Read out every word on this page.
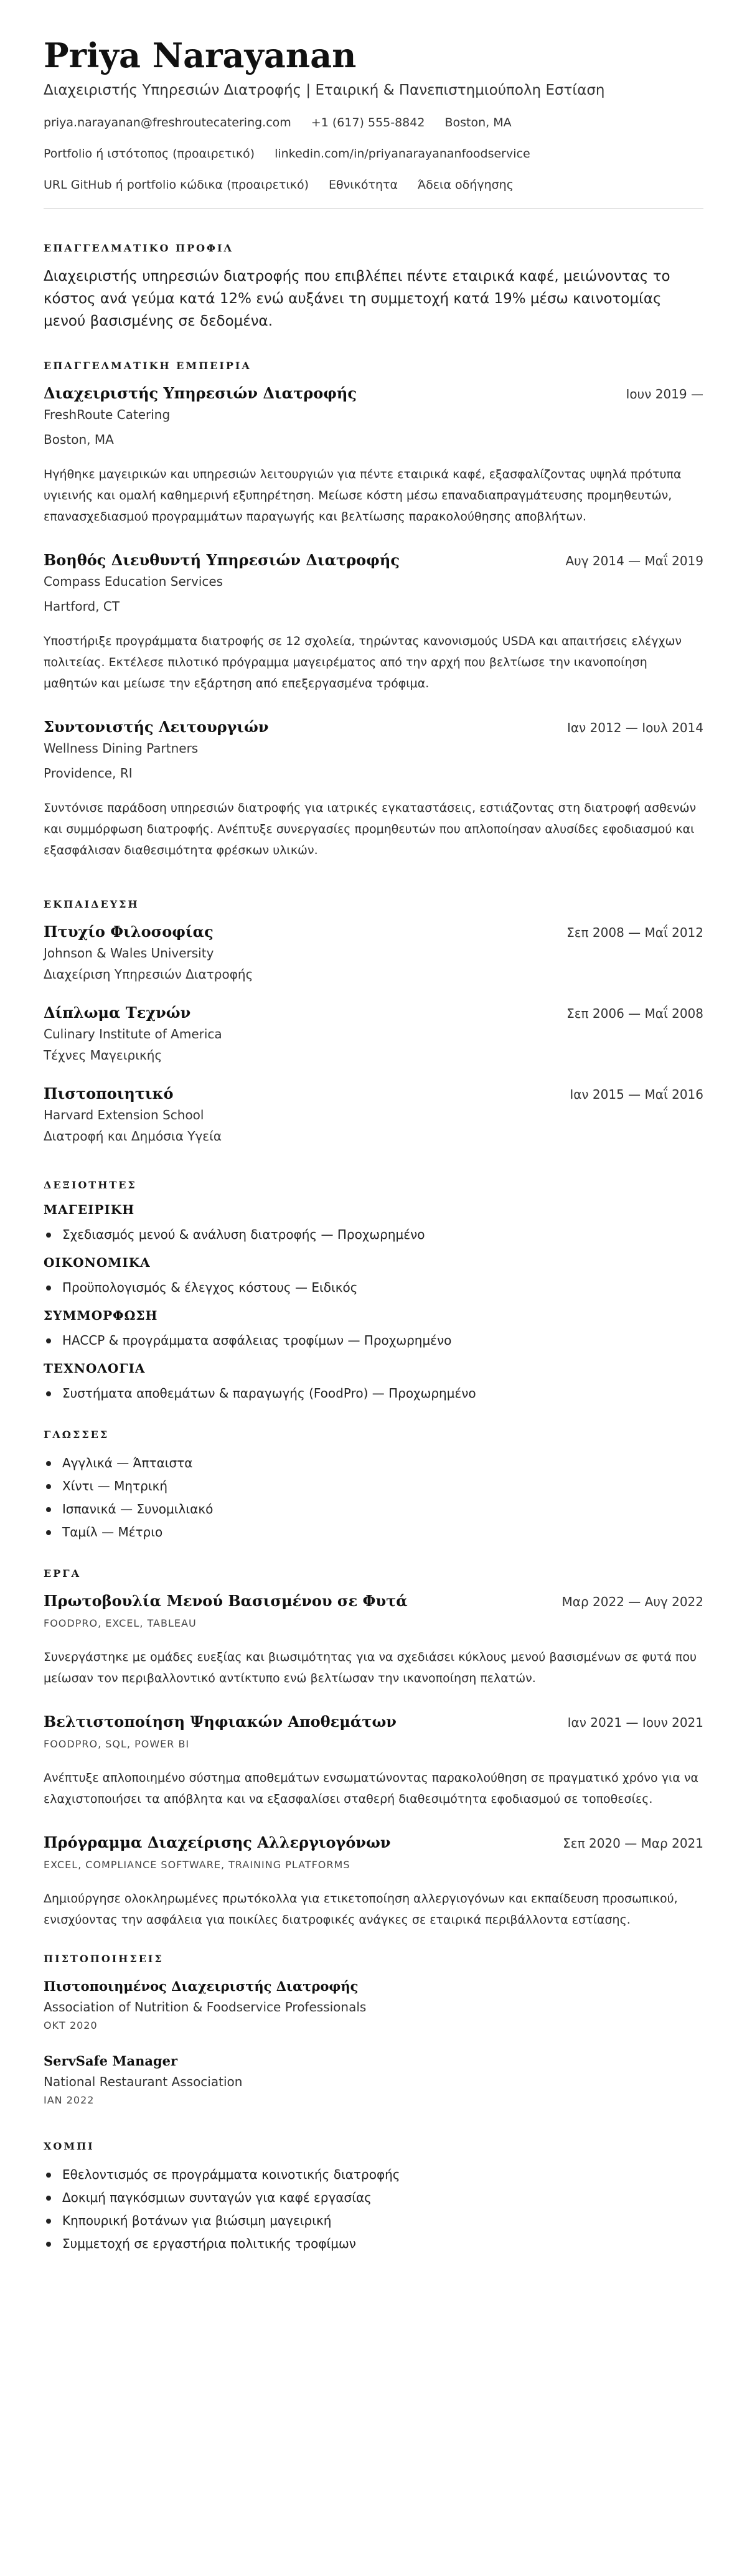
Priya Narayanan
Διαχειριστής Υπηρεσιών Διατροφής | Εταιρική & Πανεπιστημιούπολη Εστίαση
priya.narayanan@freshroutecatering.com +1 (617) 555-8842 Boston, MA
Portfolio ή ιστότοπος (προαιρετικό) linkedin.com/in/priyanarayananfoodservice
URL GitHub ή portfolio κώδικα (προαιρετικό) Εθνικότητα Άδεια οδήγησης
ΕΠΑΓΓΕΛΜΑΤΙΚΟ ΠΡΟΦΙΛ

Διαχειριστής υπηρεσιών διατροφής που επιβλέπει πέντε εταιρικά καφέ, μειώνοντας το κόστος ανά γεύμα κατά 12% ενώ αυξάνει τη συμμετοχή κατά 19% μέσω καινοτομίας μενού βασισμένης σε δεδομένα.

ΕΠΑΓΓΕΛΜΑΤΙΚΗ ΕΜΠΕΙΡΙΑ
Διαχειριστής Υπηρεσιών Διατροφής	Ιουν 2019 —
FreshRoute Catering
Boston, MA

Ηγήθηκε μαγειρικών και υπηρεσιών λειτουργιών για πέντε εταιρικά καφέ, εξασφαλίζοντας υψηλά πρότυπα υγιεινής και ομαλή καθημερινή εξυπηρέτηση. Μείωσε κόστη μέσω επαναδιαπραγμάτευσης προμηθευτών, επανασχεδιασμού προγραμμάτων παραγωγής και βελτίωσης παρακολούθησης αποβλήτων.

Βοηθός Διευθυντή Υπηρεσιών Διατροφής	Αυγ 2014 — Μαΐ 2019
Compass Education Services
Hartford, CT

Υποστήριξε προγράμματα διατροφής σε 12 σχολεία, τηρώντας κανονισμούς USDA και απαιτήσεις ελέγχων πολιτείας. Εκτέλεσε πιλοτικό πρόγραμμα μαγειρέματος από την αρχή που βελτίωσε την ικανοποίηση μαθητών και μείωσε την εξάρτηση από επεξεργασμένα τρόφιμα.

Συντονιστής Λειτουργιών	Ιαν 2012 — Ιουλ 2014
Wellness Dining Partners
Providence, RI

Συντόνισε παράδοση υπηρεσιών διατροφής για ιατρικές εγκαταστάσεις, εστιάζοντας στη διατροφή ασθενών και συμμόρφωση διατροφής. Ανέπτυξε συνεργασίες προμηθευτών που απλοποίησαν αλυσίδες εφοδιασμού και εξασφάλισαν διαθεσιμότητα φρέσκων υλικών.

ΕΚΠΑΙΔΕΥΣΗ
Πτυχίο Φιλοσοφίας	Σεπ 2008 — Μαΐ 2012
Johnson & Wales University
Διαχείριση Υπηρεσιών Διατροφής
Δίπλωμα Τεχνών	Σεπ 2006 — Μαΐ 2008
Culinary Institute of America
Τέχνες Μαγειρικής
Πιστοποιητικό	Ιαν 2015 — Μαΐ 2016
Harvard Extension School
Διατροφή και Δημόσια Υγεία
ΔΕΞΙΟΤΗΤΕΣ
ΜΑΓΕΙΡΙΚΗ
Σχεδιασμός μενού & ανάλυση διατροφής — Προχωρημένο
ΟΙΚΟΝΟΜΙΚΑ
Προϋπολογισμός & έλεγχος κόστους — Ειδικός
ΣΥΜΜΟΡΦΩΣΗ
HACCP & προγράμματα ασφάλειας τροφίμων — Προχωρημένο
ΤΕΧΝΟΛΟΓΙΑ
Συστήματα αποθεμάτων & παραγωγής (FoodPro) — Προχωρημένο
ΓΛΩΣΣΕΣ
Αγγλικά — Άπταιστα
Χίντι — Μητρική
Ισπανικά — Συνομιλιακό
Ταμίλ — Μέτριο
ΕΡΓΑ
Πρωτοβουλία Μενού Βασισμένου σε Φυτά	Μαρ 2022 — Αυγ 2022
FOODPRO, EXCEL, TABLEAU

Συνεργάστηκε με ομάδες ευεξίας και βιωσιμότητας για να σχεδιάσει κύκλους μενού βασισμένων σε φυτά που μείωσαν τον περιβαλλοντικό αντίκτυπο ενώ βελτίωσαν την ικανοποίηση πελατών.

Βελτιστοποίηση Ψηφιακών Αποθεμάτων	Ιαν 2021 — Ιουν 2021
FOODPRO, SQL, POWER BI

Ανέπτυξε απλοποιημένο σύστημα αποθεμάτων ενσωματώνοντας παρακολούθηση σε πραγματικό χρόνο για να ελαχιστοποιήσει τα απόβλητα και να εξασφαλίσει σταθερή διαθεσιμότητα εφοδιασμού σε τοποθεσίες.

Πρόγραμμα Διαχείρισης Αλλεργιογόνων	Σεπ 2020 — Μαρ 2021
EXCEL, COMPLIANCE SOFTWARE, TRAINING PLATFORMS

Δημιούργησε ολοκληρωμένες πρωτόκολλα για ετικετοποίηση αλλεργιογόνων και εκπαίδευση προσωπικού, ενισχύοντας την ασφάλεια για ποικίλες διατροφικές ανάγκες σε εταιρικά περιβάλλοντα εστίασης.

ΠΙΣΤΟΠΟΙΗΣΕΙΣ
Πιστοποιημένος Διαχειριστής Διατροφής
Association of Nutrition & Foodservice Professionals
ΟΚΤ 2020
ServSafe Manager
National Restaurant Association
ΙΑΝ 2022
ΧΟΜΠΙ
Εθελοντισμός σε προγράμματα κοινοτικής διατροφής
Δοκιμή παγκόσμιων συνταγών για καφέ εργασίας
Κηπουρική βοτάνων για βιώσιμη μαγειρική
Συμμετοχή σε εργαστήρια πολιτικής τροφίμων
